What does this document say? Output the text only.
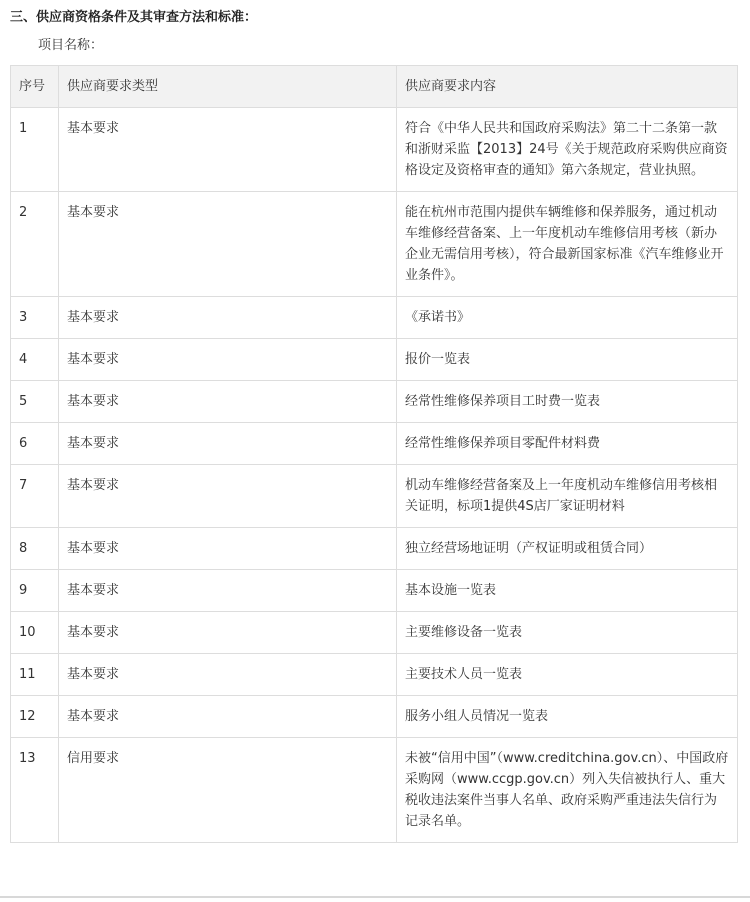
三、供应商资格条件及其审查方法和标准：
项目名称：
序号	供应商要求类型	供应商要求内容
1	基本要求	符合《中华人民共和国政府采购法》第二十二条第一款和浙财采监【2013】24号《关于规范政府采购供应商资格设定及资格审查的通知》第六条规定，营业执照。
2	基本要求	能在杭州市范围内提供车辆维修和保养服务，通过机动车维修经营备案、上一年度机动车维修信用考核（新办企业无需信用考核），符合最新国家标准《汽车维修业开业条件》。
3	基本要求	《承诺书》
4	基本要求	报价一览表
5	基本要求	经常性维修保养项目工时费一览表
6	基本要求	经常性维修保养项目零配件材料费
7	基本要求	机动车维修经营备案及上一年度机动车维修信用考核相关证明，标项1提供4S店厂家证明材料
8	基本要求	独立经营场地证明（产权证明或租赁合同）
9	基本要求	基本设施一览表
10	基本要求	主要维修设备一览表
11	基本要求	主要技术人员一览表
12	基本要求	服务小组人员情况一览表
13	信用要求	未被“信用中国”（www.creditchina.gov.cn）、中国政府采购网（www.ccgp.gov.cn）列入失信被执行人、重大税收违法案件当事人名单、政府采购严重违法失信行为记录名单。
